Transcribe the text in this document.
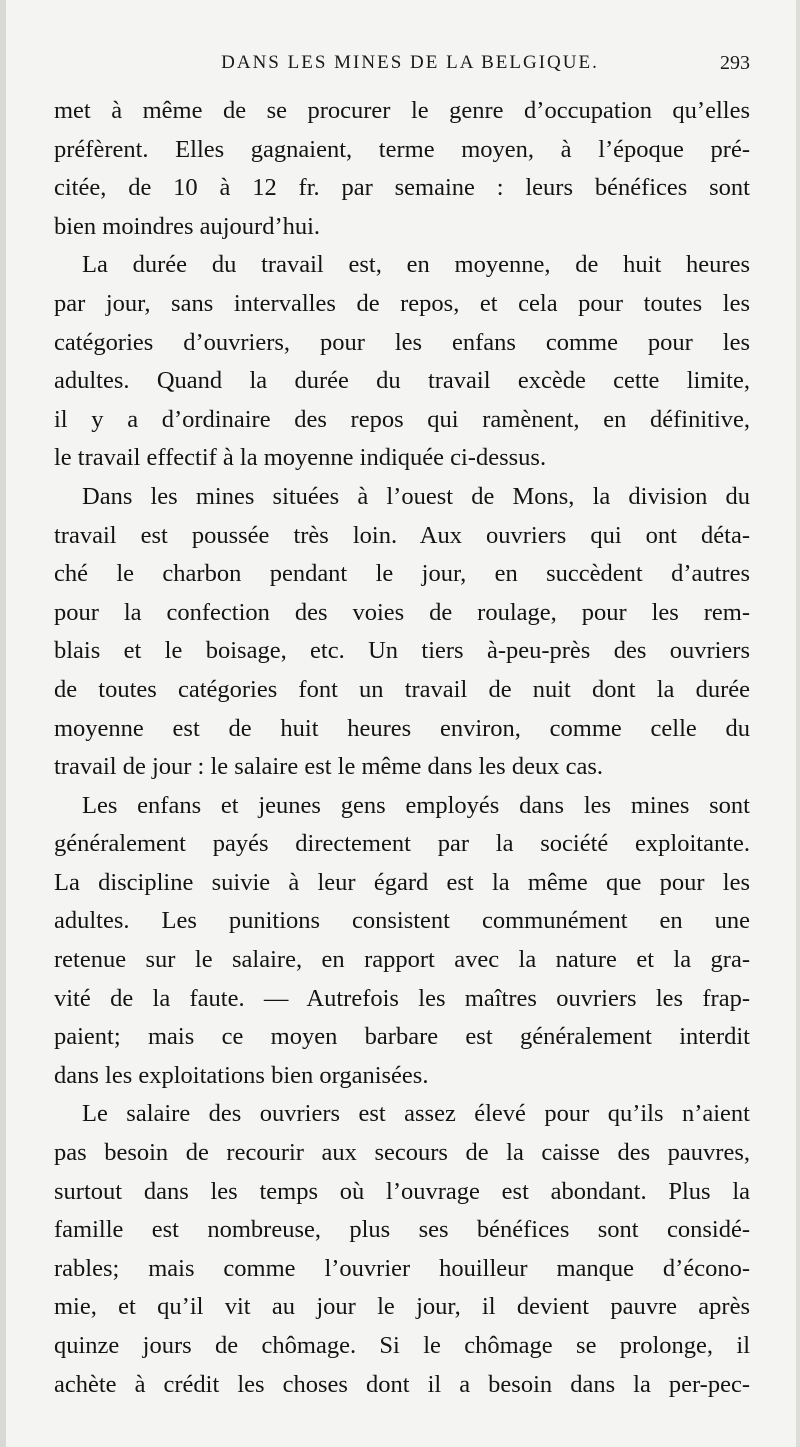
DANS LES MINES DE LA BELGIQUE.	293

met à même de se procurer le genre d’occupation qu’elles

préfèrent. Elles gagnaient, terme moyen, à l’époque pré-

citée, de 10 à 12 fr. par semaine : leurs bénéfices sont

bien moindres aujourd’hui.

La durée du travail est, en moyenne, de huit heures

par jour, sans intervalles de repos, et cela pour toutes les

catégories d’ouvriers, pour les enfans comme pour les

adultes. Quand la durée du travail excède cette limite,

il y a d’ordinaire des repos qui ramènent, en définitive,

le travail effectif à la moyenne indiquée ci-dessus.

Dans les mines situées à l’ouest de Mons, la division du

travail est poussée très loin. Aux ouvriers qui ont déta-

ché le charbon pendant le jour, en succèdent d’autres

pour la confection des voies de roulage, pour les rem-

blais et le boisage, etc. Un tiers à-peu-près des ouvriers

de toutes catégories font un travail de nuit dont la durée

moyenne est de huit heures environ, comme celle du

travail de jour : le salaire est le même dans les deux cas.

Les enfans et jeunes gens employés dans les mines sont

généralement payés directement par la société exploitante.

La discipline suivie à leur égard est la même que pour les

adultes. Les punitions consistent communément en une

retenue sur le salaire, en rapport avec la nature et la gra-

vité de la faute. — Autrefois les maîtres ouvriers les frap-

paient; mais ce moyen barbare est généralement interdit

dans les exploitations bien organisées.

Le salaire des ouvriers est assez élevé pour qu’ils n’aient

pas besoin de recourir aux secours de la caisse des pauvres,

surtout dans les temps où l’ouvrage est abondant. Plus la

famille est nombreuse, plus ses bénéfices sont considé-

rables; mais comme l’ouvrier houilleur manque d’écono-

mie, et qu’il vit au jour le jour, il devient pauvre après

quinze jours de chômage. Si le chômage se prolonge, il

achète à crédit les choses dont il a besoin dans la per-pec-
